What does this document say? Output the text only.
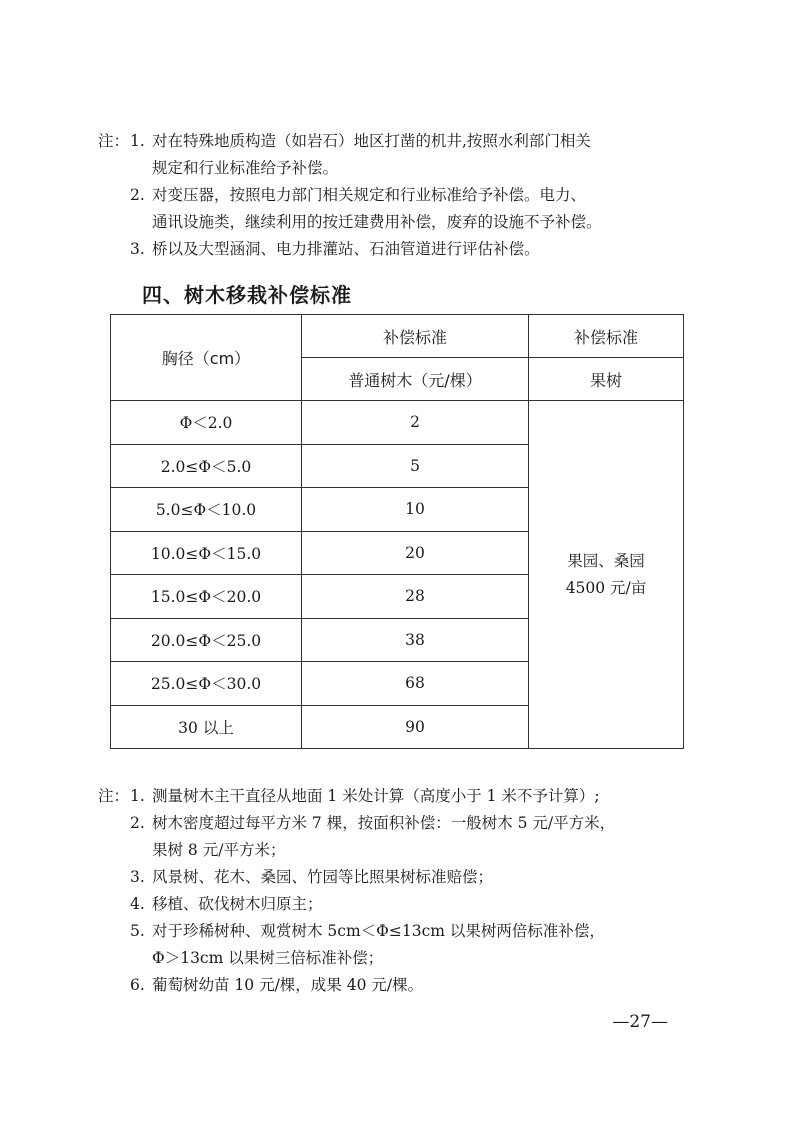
注： 1. 对在特殊地质构造（如岩石）地区打凿的机井,按照水利部门相关
规定和行业标准给予补偿。
2. 对变压器，按照电力部门相关规定和行业标准给予补偿。电力、
通讯设施类，继续利用的按迁建费用补偿，废弃的设施不予补偿。
3. 桥以及大型涵洞、电力排灌站、石油管道进行评估补偿。
四、树木移栽补偿标准
胸径（cm）	补偿标准	补偿标准
	普通树木（元/棵）	果树
Φ＜2.0	2	果园、桑园
4500 元/亩

2.0≤Φ＜5.0	5	
5.0≤Φ＜10.0	10	
10.0≤Φ＜15.0	20	
15.0≤Φ＜20.0	28	
20.0≤Φ＜25.0	38	
25.0≤Φ＜30.0	68	
30 以上	90	
注： 1. 测量树木主干直径从地面 1 米处计算（高度小于 1 米不予计算）;
2. 树木密度超过每平方米 7 棵，按面积补偿：一般树木 5 元/平方米，
果树 8 元/平方米；
3. 风景树、花木、桑园、竹园等比照果树标准赔偿；
4. 移植、砍伐树木归原主；
5. 对于珍稀树种、观赏树木 5cm＜Φ≤13cm 以果树两倍标准补偿，
Φ＞13cm 以果树三倍标准补偿；
6. 葡萄树幼苗 10 元/棵，成果 40 元/棵。
—27—
